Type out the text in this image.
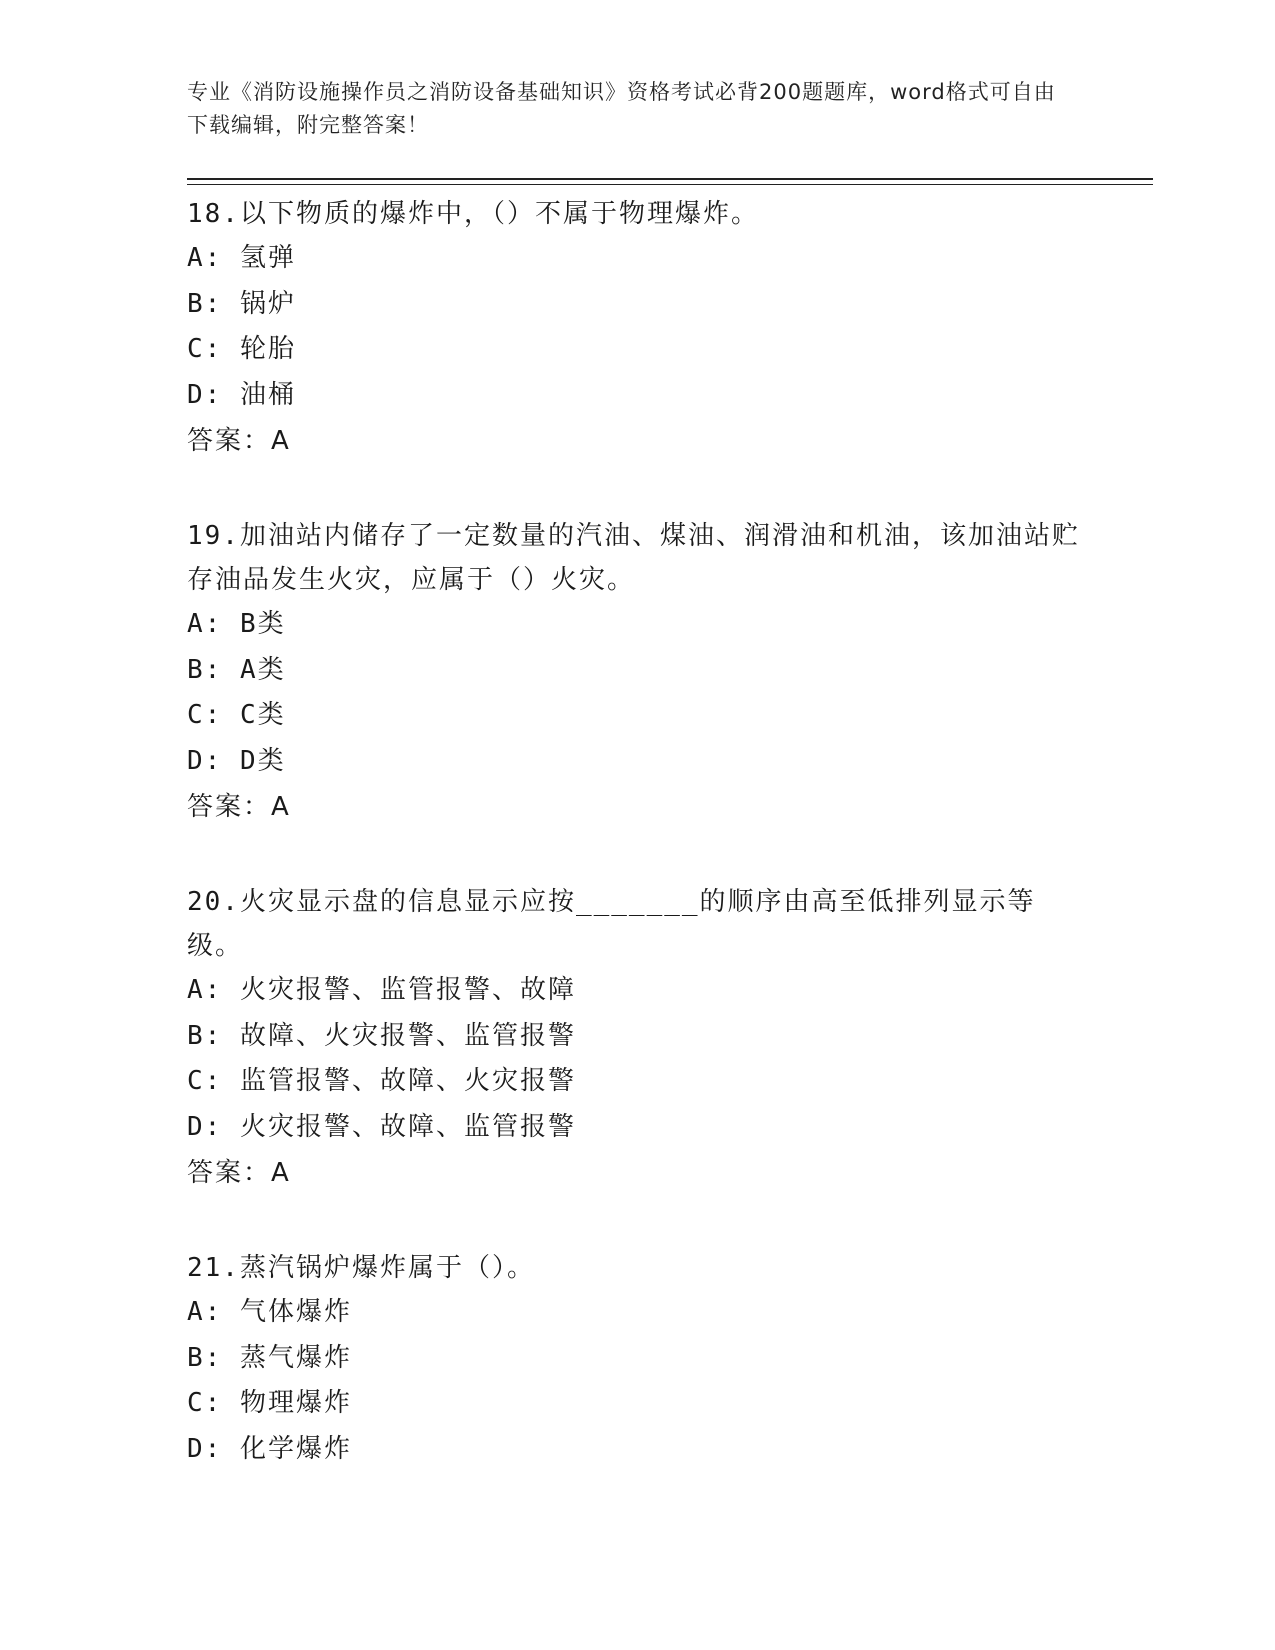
专业《消防设施操作员之消防设备基础知识》资格考试必背200题题库，word格式可自由下载编辑，附完整答案！

18.以下物质的爆炸中，（）不属于物理爆炸。

A: 氢弹

B: 锅炉

C: 轮胎

D: 油桶

答案：A

19.加油站内储存了一定数量的汽油、煤油、润滑油和机油，该加油站贮存油品发生火灾，应属于（）火灾。

A: B类

B: A类

C: C类

D: D类

答案：A

20.火灾显示盘的信息显示应按_______的顺序由高至低排列显示等级。

A: 火灾报警、监管报警、故障

B: 故障、火灾报警、监管报警

C: 监管报警、故障、火灾报警

D: 火灾报警、故障、监管报警

答案：A

21.蒸汽锅炉爆炸属于（）。

A: 气体爆炸

B: 蒸气爆炸

C: 物理爆炸

D: 化学爆炸
